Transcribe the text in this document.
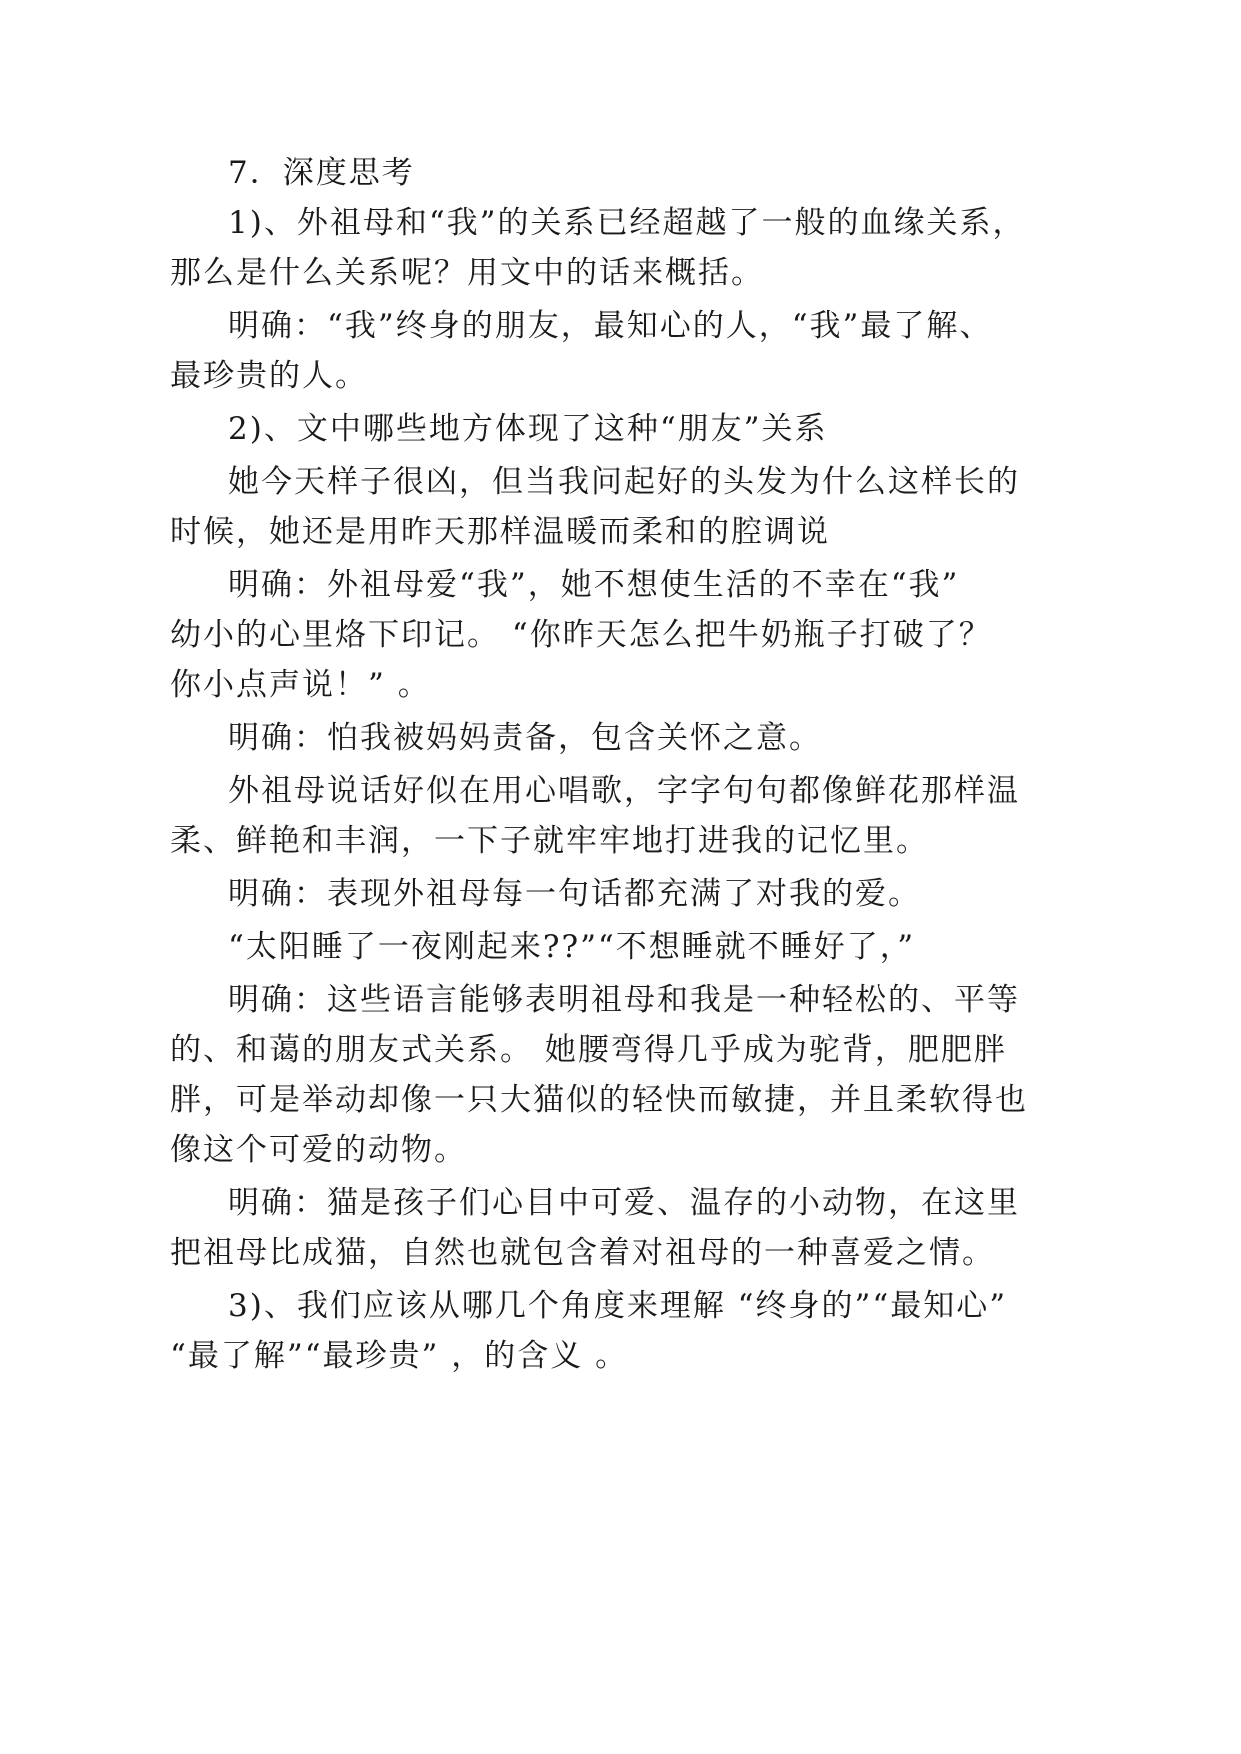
7．深度思考
1)、外祖母和“我”的关系已经超越了一般的血缘关系，
那么是什么关系呢？用文中的话来概括。
明确：“我”终身的朋友，最知心的人，“我”最了解、
最珍贵的人。
2)、文中哪些地方体现了这种“朋友”关系
她今天样子很凶，但当我问起好的头发为什么这样长的
时候，她还是用昨天那样温暖而柔和的腔调说
明确：外祖母爱“我”，她不想使生活的不幸在“我”
幼小的心里烙下印记。 “你昨天怎么把牛奶瓶子打破了？
你小点声说！” 。
明确：怕我被妈妈责备，包含关怀之意。
外祖母说话好似在用心唱歌，字字句句都像鲜花那样温
柔、鲜艳和丰润，一下子就牢牢地打进我的记忆里。
明确：表现外祖母每一句话都充满了对我的爱。
“太阳睡了一夜刚起来??”“不想睡就不睡好了，”
明确：这些语言能够表明祖母和我是一种轻松的、平等
的、和蔼的朋友式关系。 她腰弯得几乎成为驼背，肥肥胖
胖，可是举动却像一只大猫似的轻快而敏捷，并且柔软得也
像这个可爱的动物。
明确：猫是孩子们心目中可爱、温存的小动物，在这里
把祖母比成猫，自然也就包含着对祖母的一种喜爱之情。
3)、我们应该从哪几个角度来理解 “终身的”“最知心”
“最了解”“最珍贵” ，的含义 。
